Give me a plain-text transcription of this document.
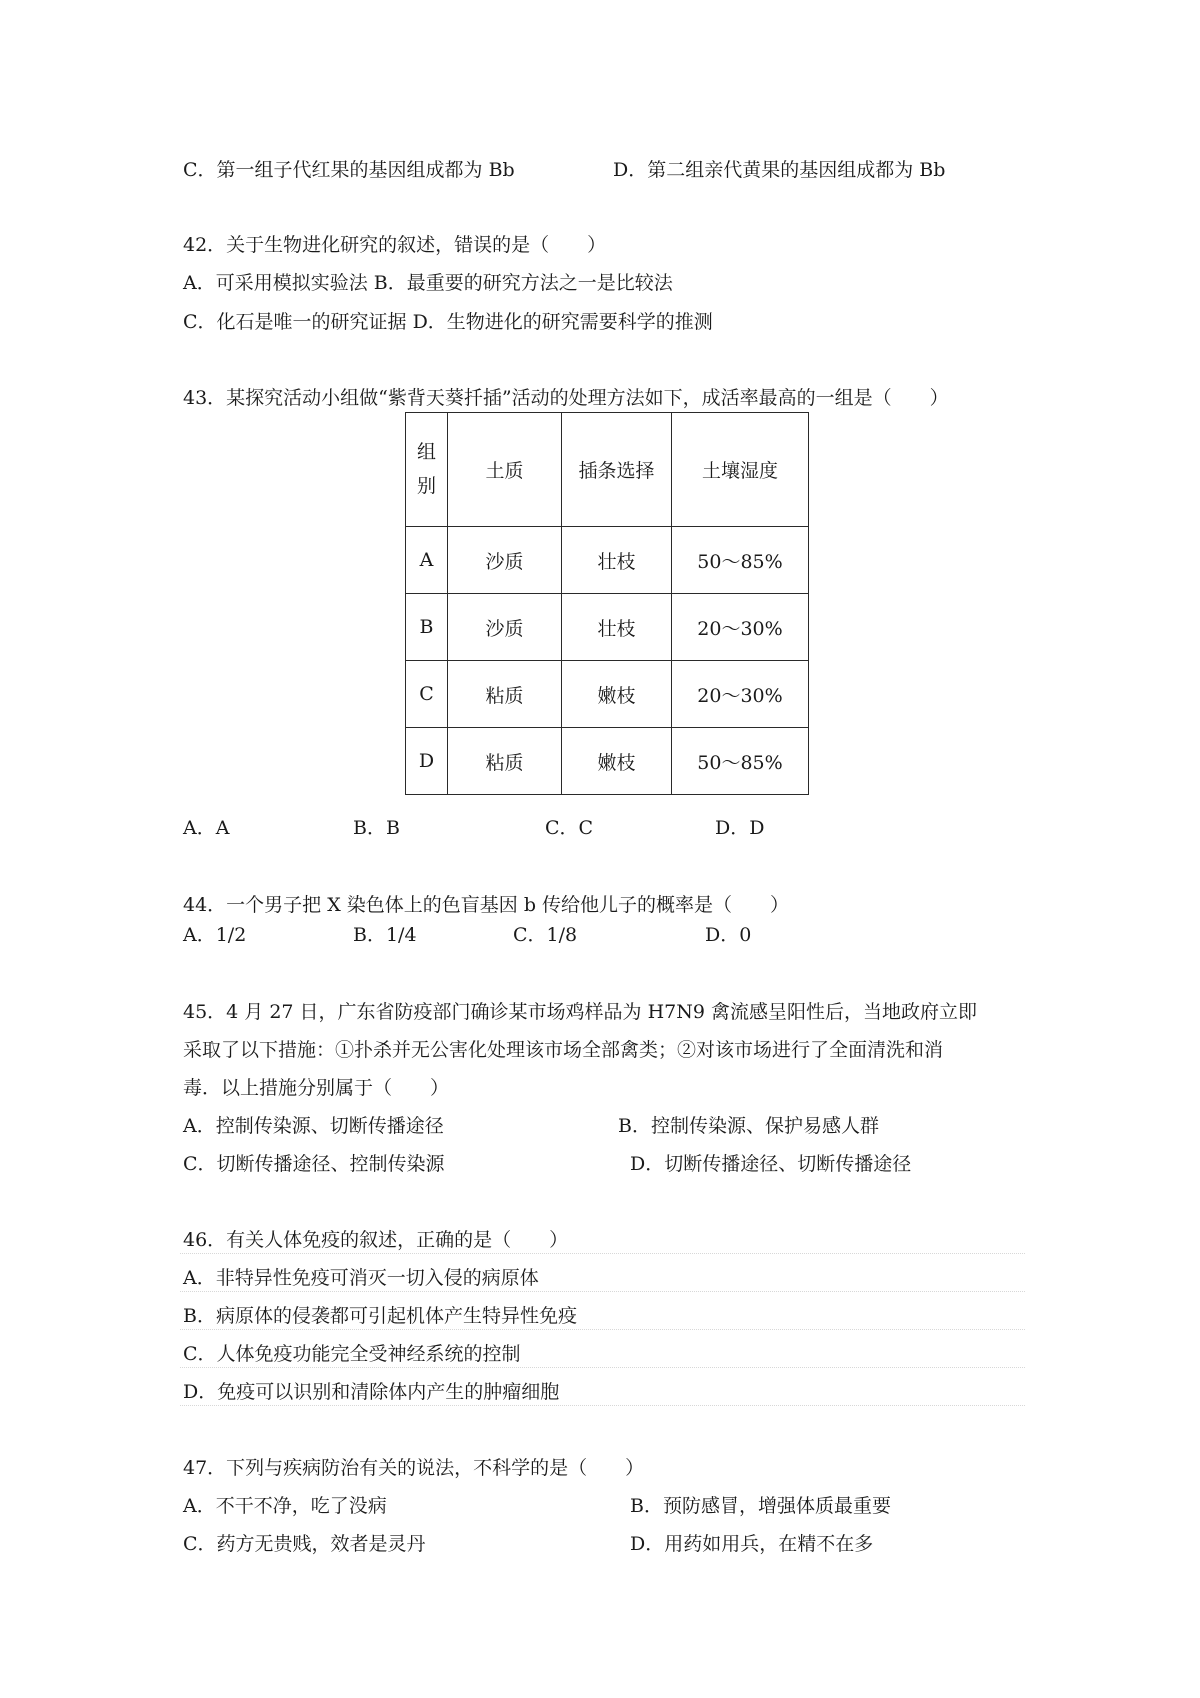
C．第一组子代红果的基因组成都为 Bb	D．第二组亲代黄果的基因组成都为 Bb
42．关于生物进化研究的叙述，错误的是（　　）
A．可采用模拟实验法 B．最重要的研究方法之一是比较法
C．化石是唯一的研究证据 D．生物进化的研究需要科学的推测
43．某探究活动小组做“紫背天葵扦插”活动的处理方法如下，成活率最高的一组是（　　）
组
别	土质	插条选择	土壤湿度
A	沙质	壮枝	50～85%
B	沙质	壮枝	20～30%
C	粘质	嫩枝	20～30%
D	粘质	嫩枝	50～85%
A．A	B．B	C．C	D．D
44．一个男子把 X 染色体上的色盲基因 b 传给他儿子的概率是（　　）
A．1/2	B．1/4	C．1/8	D．0
45．4 月 27 日，广东省防疫部门确诊某市场鸡样品为 H7N9 禽流感呈阳性后，当地政府立即
采取了以下措施：①扑杀并无公害化处理该市场全部禽类；②对该市场进行了全面清洗和消
毒．以上措施分别属于（　　）
A．控制传染源、切断传播途径	B．控制传染源、保护易感人群
C．切断传播途径、控制传染源	D．切断传播途径、切断传播途径
46．有关人体免疫的叙述，正确的是（　　）
A．非特异性免疫可消灭一切入侵的病原体
B．病原体的侵袭都可引起机体产生特异性免疫
C．人体免疫功能完全受神经系统的控制
D．免疫可以识别和清除体内产生的肿瘤细胞
47．下列与疾病防治有关的说法，不科学的是（　　）
A．不干不净，吃了没病	B．预防感冒，增强体质最重要
C．药方无贵贱，效者是灵丹	D．用药如用兵，在精不在多
